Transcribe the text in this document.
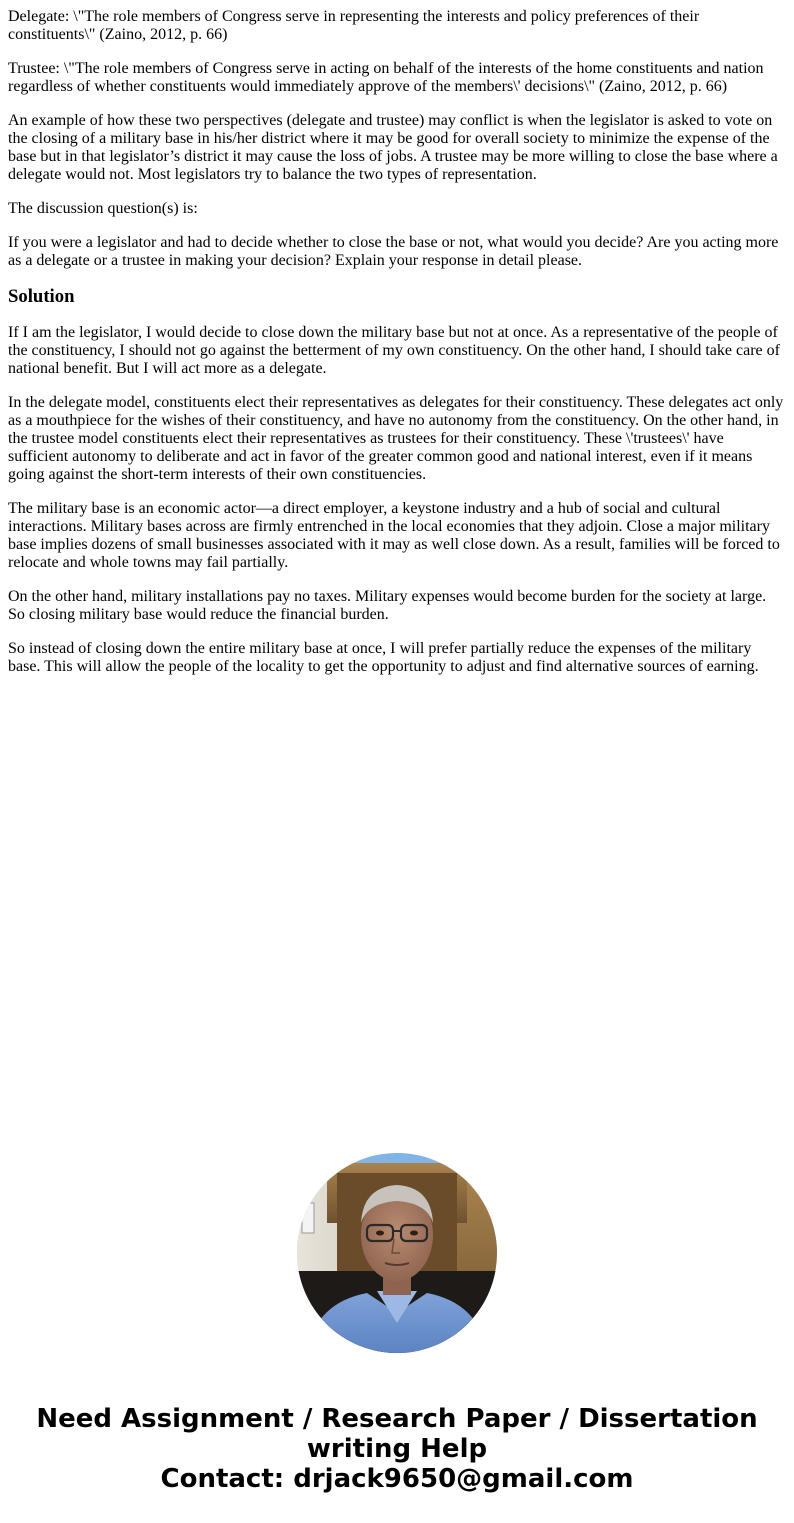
Delegate: \"The role members of Congress serve in representing the interests and policy preferences of their constituents\" (Zaino, 2012, p. 66)

Trustee: \"The role members of Congress serve in acting on behalf of the interests of the home constituents and nation regardless of whether constituents would immediately approve of the members\' decisions\" (Zaino, 2012, p. 66)

An example of how these two perspectives (delegate and trustee) may conflict is when the legislator is asked to vote on the closing of a military base in his/her district where it may be good for overall society to minimize the expense of the base but in that legislator’s district it may cause the loss of jobs. A trustee may be more willing to close the base where a delegate would not. Most legislators try to balance the two types of representation.

The discussion question(s) is:

If you were a legislator and had to decide whether to close the base or not, what would you decide? Are you acting more as a delegate or a trustee in making your decision? Explain your response in detail please.

Solution

If I am the legislator, I would decide to close down the military base but not at once. As a representative of the people of the constituency, I should not go against the betterment of my own constituency. On the other hand, I should take care of national benefit. But I will act more as a delegate.

In the delegate model, constituents elect their representatives as delegates for their constituency. These delegates act only as a mouthpiece for the wishes of their constituency, and have no autonomy from the constituency. On the other hand, in the trustee model constituents elect their representatives as trustees for their constituency. These \'trustees\' have sufficient autonomy to deliberate and act in favor of the greater common good and national interest, even if it means going against the short-term interests of their own constituencies.

The military base is an economic actor—a direct employer, a keystone industry and a hub of social and cultural interactions. Military bases across are firmly entrenched in the local economies that they adjoin. Close a major military base implies dozens of small businesses associated with it may as well close down. As a result, families will be forced to relocate and whole towns may fail partially.

On the other hand, military installations pay no taxes. Military expenses would become burden for the society at large. So closing military base would reduce the financial burden.

So instead of closing down the entire military base at once, I will prefer partially reduce the expenses of the military base. This will allow the people of the locality to get the opportunity to adjust and find alternative sources of earning.

Need Assignment / Research Paper / Dissertation writing Help
Contact: drjack9650@gmail.com
